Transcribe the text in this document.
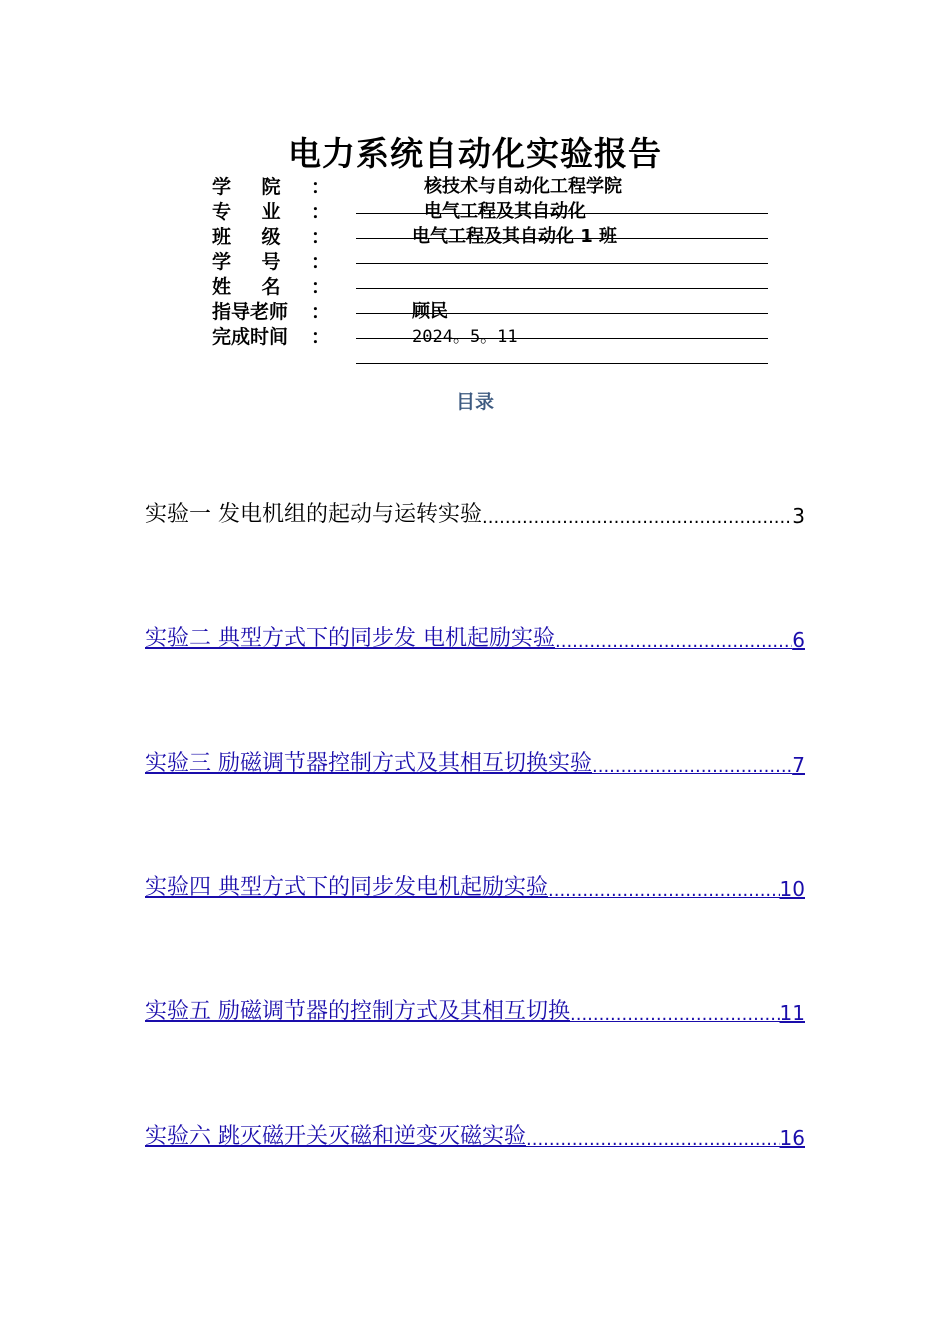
电力系统自动化实验报告
学 院 ：	核技术与自动化工程学院
专 业 ：	电气工程及其自动化
班 级 ：	电气工程及其自动化 1 班
学 号 ：
姓 名 ：
指导老师 ：	顾民
完成时间 ：	2024。5。11
目录
实验一 发电机组的起动与运转实验 .....	3
实验二 典型方式下的同步发 电机起励实验 .....	6
实验三 励磁调节器控制方式及其相互切换实验 .....	7
实验四 典型方式下的同步发电机起励实验 .....	10
实验五 励磁调节器的控制方式及其相互切换 .....	11
实验六 跳灭磁开关灭磁和逆变灭磁实验 .....	16
